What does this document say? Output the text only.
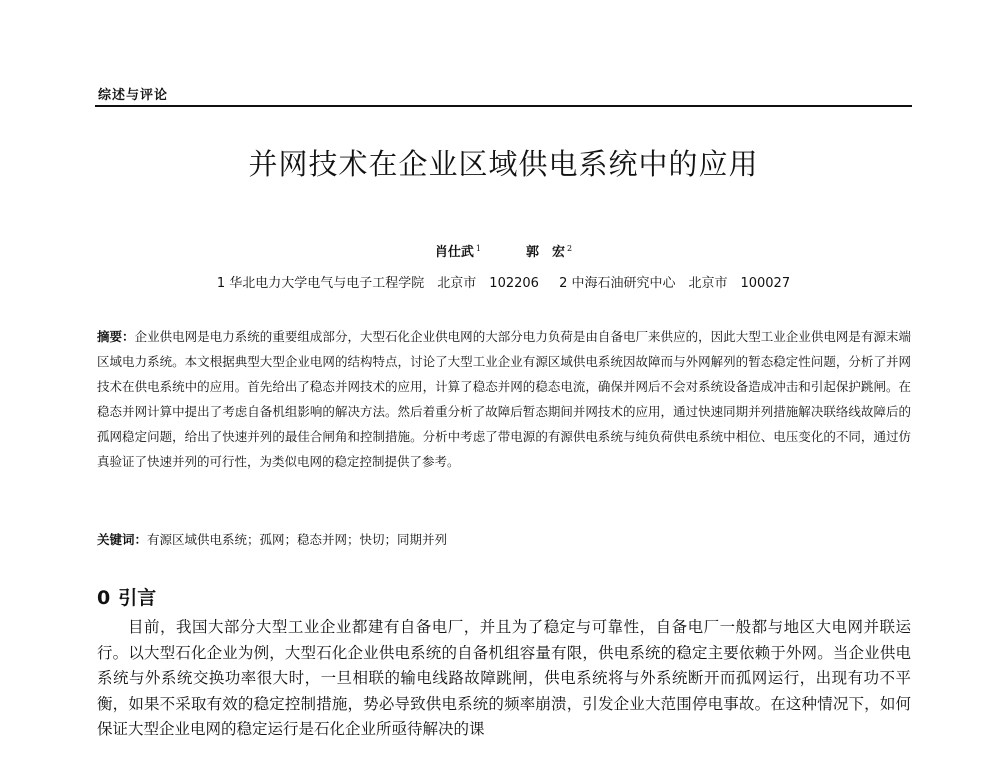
综述与评论
并网技术在企业区域供电系统中的应用
肖仕武 $^1$	郭　宏 $^2$
1 华北电力大学电气与电子工程学院　北京市　102206 2 中海石油研究中心　北京市　100027
摘要：企业供电网是电力系统的重要组成部分，大型石化企业供电网的大部分电力负荷是由自备电厂来供应的，因此大型工业企业供电网是有源末端区域电力系统。本文根据典型大型企业电网的结构特点，讨论了大型工业企业有源区域供电系统因故障而与外网解列的暂态稳定性问题，分析了并网技术在供电系统中的应用。首先给出了稳态并网技术的应用，计算了稳态并网的稳态电流，确保并网后不会对系统设备造成冲击和引起保护跳闸。在稳态并网计算中提出了考虑自备机组影响的解决方法。然后着重分析了故障后暂态期间并网技术的应用，通过快速同期并列措施解决联络线故障后的孤网稳定问题，给出了快速并列的最佳合闸角和控制措施。分析中考虑了带电源的有源供电系统与纯负荷供电系统中相位、电压变化的不同，通过仿真验证了快速并列的可行性，为类似电网的稳定控制提供了参考。
关键词：有源区域供电系统；孤网；稳态并网；快切；同期并列
0 引言
目前，我国大部分大型工业企业都建有自备电厂，并且为了稳定与可靠性，自备电厂一般都与地区大电网并联运行。以大型石化企业为例，大型石化企业供电系统的自备机组容量有限，供电系统的稳定主要依赖于外网。当企业供电系统与外系统交换功率很大时，一旦相联的输电线路故障跳闸，供电系统将与外系统断开而孤网运行，出现有功不平衡，如果不采取有效的稳定控制措施，势必导致供电系统的频率崩溃，引发企业大范围停电事故。在这种情况下，如何保证大型企业电网的稳定运行是石化企业所亟待解决的课
